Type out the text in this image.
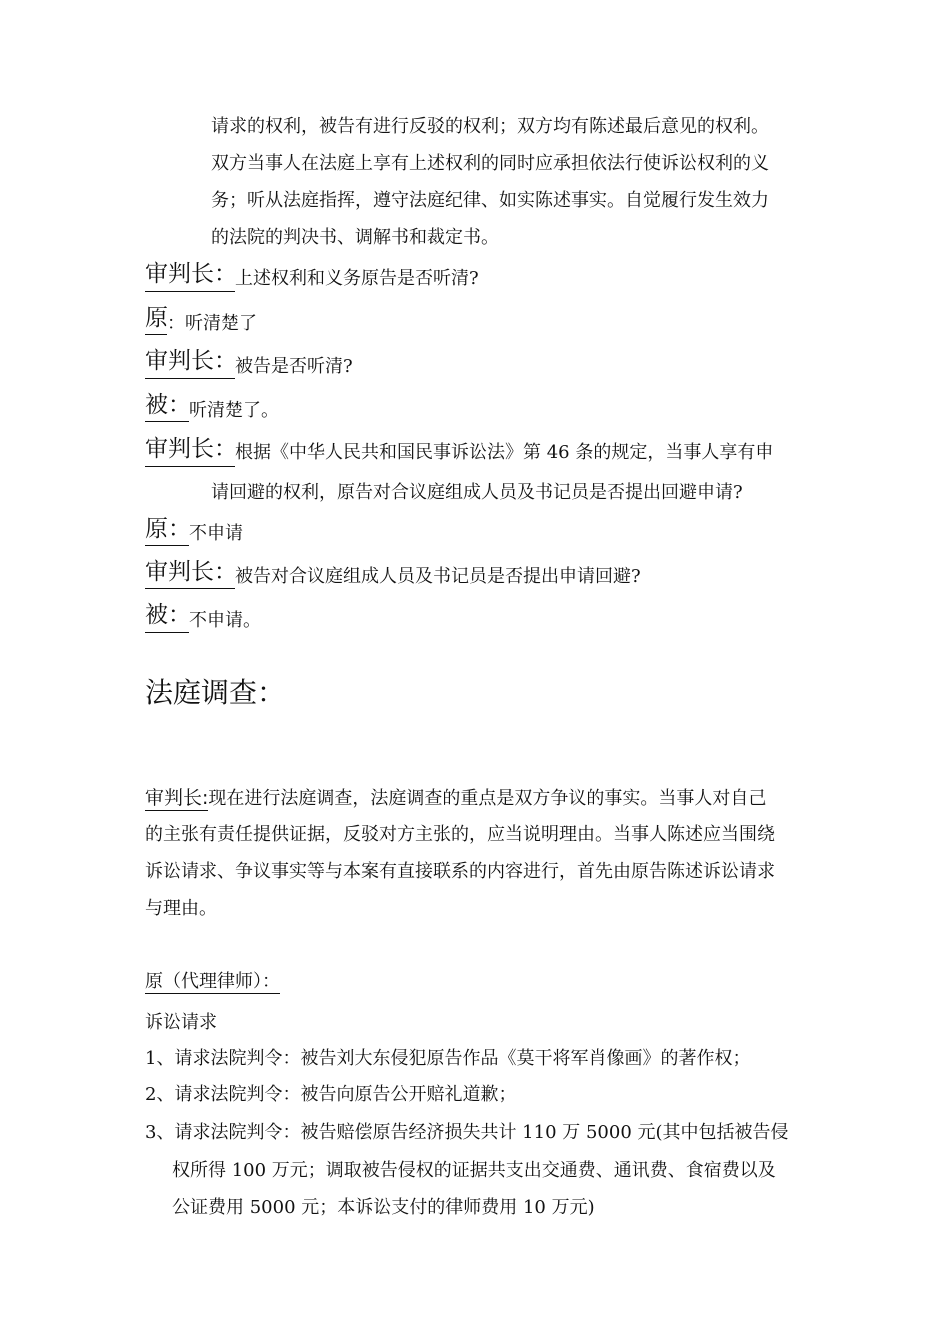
请求的权利，被告有进行反驳的权利；双方均有陈述最后意见的权利。
双方当事人在法庭上享有上述权利的同时应承担依法行使诉讼权利的义
务；听从法庭指挥，遵守法庭纪律、如实陈述事实。自觉履行发生效力
的法院的判决书、调解书和裁定书。
审判长：
上述权利和义务原告是否听清?
原 ：听清楚了
审判长：
被告是否听清?
被：
听清楚了。
审判长：
根据《中华人民共和国民事诉讼法》第 46 条的规定，当事人享有申
请回避的权利，原告对合议庭组成人员及书记员是否提出回避申请?
原：
不申请
审判长：
被告对合议庭组成人员及书记员是否提出申请回避?
被：
不申请。
法庭调查：
审判长:现在进行法庭调查，法庭调查的重点是双方争议的事实。当事人对自己
的主张有责任提供证据，反驳对方主张的，应当说明理由。当事人陈述应当围绕
诉讼请求、争议事实等与本案有直接联系的内容进行，首先由原告陈述诉讼请求
与理由。
原（代理律师）：
诉讼请求
1、请求法院判令：被告刘大东侵犯原告作品《莫干将军肖像画》的著作权；
2、请求法院判令：被告向原告公开赔礼道歉；
3、请求法院判令：被告赔偿原告经济损失共计 110 万 5000 元(其中包括被告侵
权所得 100 万元；调取被告侵权的证据共支出交通费、通讯费、食宿费以及
公证费用 5000 元；本诉讼支付的律师费用 10 万元)
